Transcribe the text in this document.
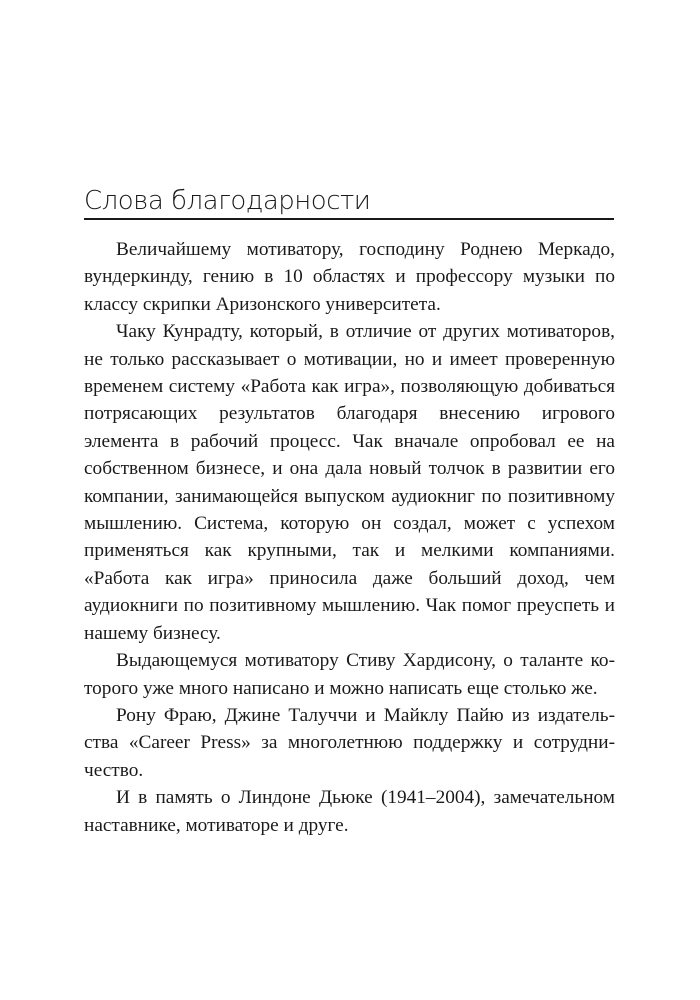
Слова благодарности

Величайшему мотиватору, господину Роднею Меркадо, вундеркинду, гению в 10 областях и профессору музыки по классу скрипки Аризонского университета.

Чаку Кунрадту, который, в отличие от других мотиваторов, не только рассказывает о мотивации, но и имеет проверенную временем систему «Работа как игра», позволяющую добиваться потрясающих результатов благодаря внесению игрового элемента в рабочий процесс. Чак вначале опробовал ее на собственном бизнесе, и она дала новый толчок в развитии его компании, занимающейся выпуском аудиокниг по позитивному мышлению. Система, которую он создал, может с успехом применяться как крупными, так и мелкими компаниями. «Работа как игра» приносила даже больший доход, чем аудиокниги по позитивному мышлению. Чак помог преуспеть и нашему бизнесу.

Выдающемуся мотиватору Стиву Хардисону, о таланте которого уже много написано и можно написать еще столько же.

Рону Фраю, Джине Талуччи и Майклу Пайю из издательства «Career Press» за многолетнюю поддержку и сотрудничество.

И в память о Линдоне Дьюке (1941–2004), замечательном наставнике, мотиваторе и друге.
